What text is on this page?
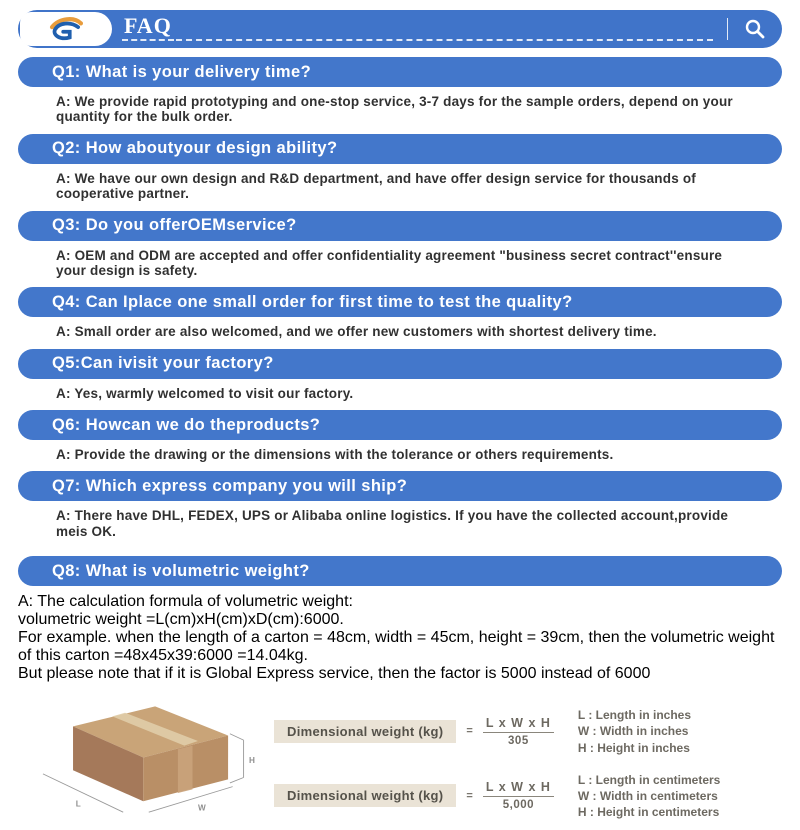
FAQ
Q1: What is your delivery time?

A: We provide rapid prototyping and one-stop service, 3-7 days for the sample orders, depend on your quantity for the bulk order.

Q2: How aboutyour design ability?

A: We have our own design and R&D department, and have offer design service for thousands of cooperative partner.

Q3: Do you offerOEMservice?

A: OEM and ODM are accepted and offer confidentiality agreement "business secret contract''ensure your design is safety.

Q4: Can Iplace one small order for first time to test the quality?

A: Small order are also welcomed, and we offer new customers with shortest delivery time.

Q5:Can ivisit your factory?

A: Yes, warmly welcomed to visit our factory.

Q6: Howcan we do theproducts?

A: Provide the drawing or the dimensions with the tolerance or others requirements.

Q7: Which express company you will ship?

A: There have DHL, FEDEX, UPS or Alibaba online logistics. If you have the collected account,provide meis OK.

Q8: What is volumetric weight?

A: The calculation formula of volumetric weight:
volumetric weight =L(cm)xH(cm)xD(cm):6000.
For example. when the length of a carton = 48cm, width = 45cm, height = 39cm, then the volumetric weight of this carton =48x45x39:6000 =14.04kg.
But please note that if it is Global Express service, then the factor is 5000 instead of 6000

L	W
H
Dimensional weight (kg)	= $\frac{\text{L x W x H}}{305}$
L : Length in inches
W : Width in inches
H : Height in inches
Dimensional weight (kg)	= $\frac{\text{L x W x H}}{5,000}$
L : Length in centimeters
W : Width in centimeters
H : Height in centimeters
